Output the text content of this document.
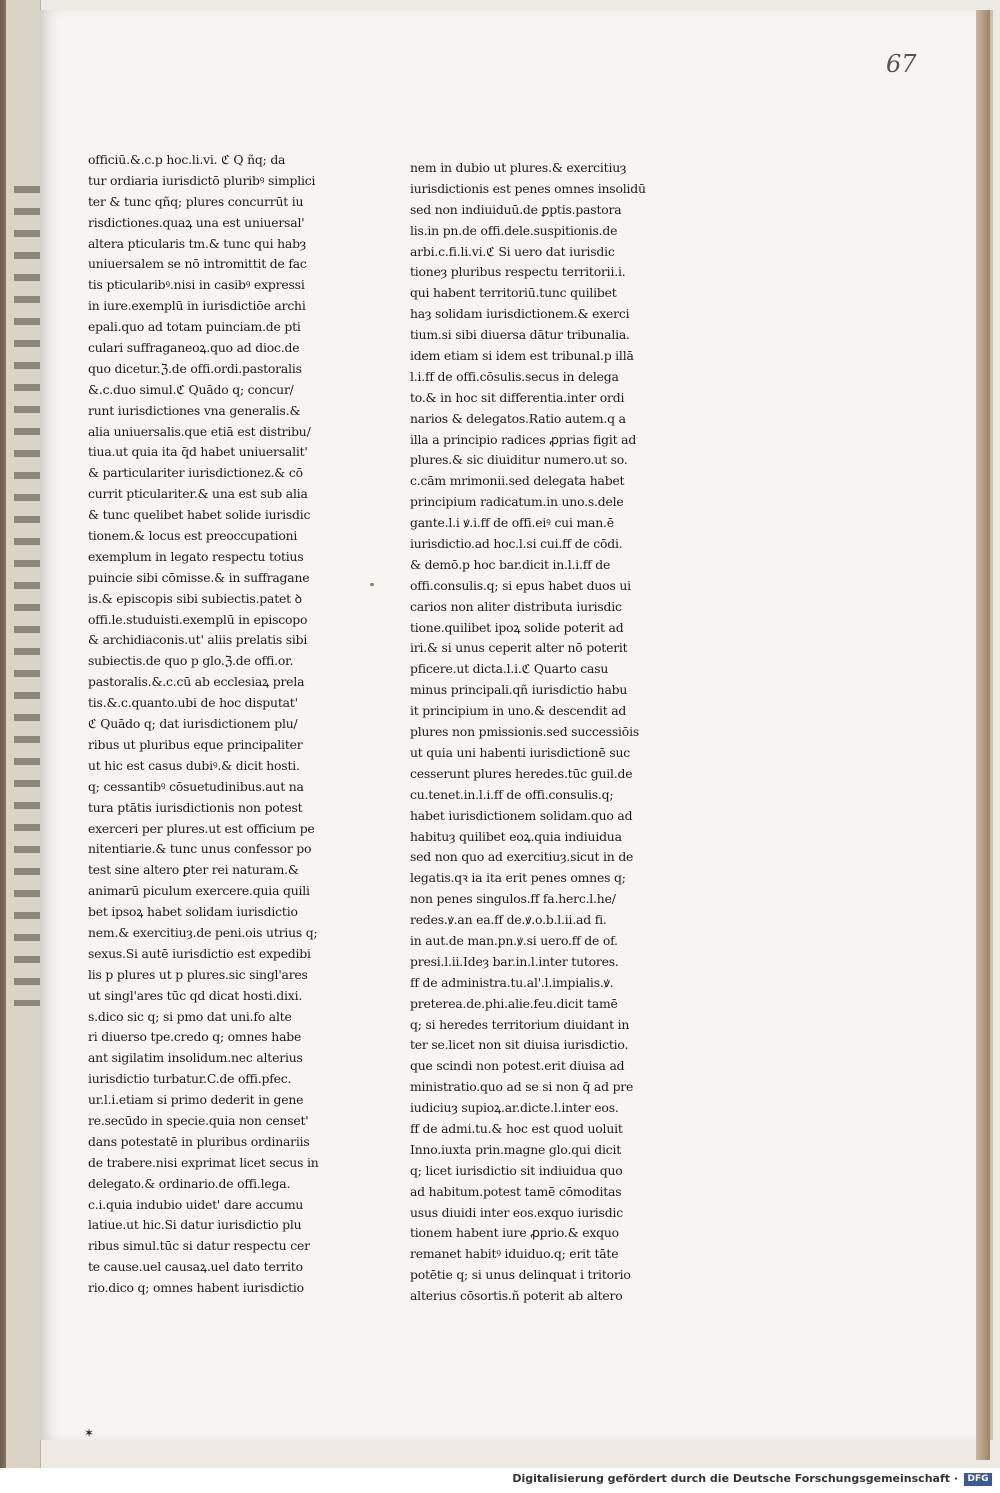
67
officiū.&.c.p hoc.li.vi. ℭ Q ñq; da
tur ordiaria iurisdictō pluribꝰ simplici
ter & tunc qñq; plures concurrūt iu
risdictiones.quaꝝ una est uniuersal'
altera pticularis tm.& tunc qui habȝ
uniuersalem se nō intromittit de fac
tis pticularibꝰ.nisi in casibꝰ expressi
in iure.exemplū in iurisdictiōe archi
epali.quo ad totam puinciam.de pti
culari suffraganeoꝝ.quo ad dioc.de
quo dicetur.ℨ.de offi.ordi.pastoralis
&.c.duo simul.ℭ Quādo q; concur/
runt iurisdictiones vna generalis.&
alia uniuersalis.que etiā est distribu/
tiua.ut quia ita q̄d habet uniuersalit'
& particulariter iurisdictionez.& cō
currit pticulariter.& una est sub alia
& tunc quelibet habet solide iurisdic
tionem.& locus est preoccupationi
exemplum in legato respectu totius
puincie sibi cōmisse.& in suffragane
is.& episcopis sibi subiectis.patet ꝺ
offi.le.studuisti.exemplū in episcopo
& archidiaconis.ut' aliis prelatis sibi
subiectis.de quo p glo.ℨ.de offi.or.
pastoralis.&.c.cū ab ecclesiaꝝ prela
tis.&.c.quanto.ubi de hoc disputat'
ℭ Quādo q; dat iurisdictionem plu/
ribus ut pluribus eque principaliter
ut hic est casus dubiꝰ.& dicit hosti.
q; cessantibꝰ cōsuetudinibus.aut na
tura ptātis iurisdictionis non potest
exerceri per plures.ut est officium pe
nitentiarie.& tunc unus confessor po
test sine altero ꝑter rei naturam.&
animarū piculum exercere.quia quili
bet ipsoꝝ habet solidam iurisdictio
nem.& exercitiuȝ.de peni.ois utrius q;
sexus.Si autē iurisdictio est expedibi
lis p plures ut p plures.sic singl'ares
ut singl'ares tūc qd dicat hosti.dixi.
s.dico sic q; si pmo dat uni.fo alte
ri diuerso tpe.credo q; omnes habe
ant sigilatim insolidum.nec alterius
iurisdictio turbatur.C.de offi.pfec.
ur.l.i.etiam si primo dederit in gene
re.secūdo in specie.quia non censet'
dans potestatē in pluribus ordinariis
de trabere.nisi exprimat licet secus in
delegato.& ordinario.de offi.lega.
c.i.quia indubio uidet' dare accumu
latiue.ut hic.Si datur iurisdictio plu
ribus simul.tūc si datur respectu cer
te cause.uel causaꝝ.uel dato territo
rio.dico q; omnes habent iurisdictio
nem in dubio ut plures.& exercitiuȝ
iurisdictionis est penes omnes insolidū
sed non indiuiduū.de ꝑptis.pastora
lis.in pn.de offi.dele.suspitionis.de
arbi.c.fi.li.vi.ℭ Si uero dat iurisdic
tioneȝ pluribus respectu territorii.i.
qui habent territoriū.tunc quilibet
haȝ solidam iurisdictionem.& exerci
tium.si sibi diuersa dātur tribunalia.
idem etiam si idem est tribunal.p illā
l.i.ff de offi.cōsulis.secus in delega
to.& in hoc sit differentia.inter ordi
narios & delegatos.Ratio autem.q a
illa a principio radices ꝓprias figit ad
plures.& sic diuiditur numero.ut so.
c.cām mrimonii.sed delegata habet
principium radicatum.in uno.s.dele
gante.l.i ꝟ.i.ff de offi.eiꝰ cui man.ē
iurisdictio.ad hoc.l.si cui.ff de cōdi.
& demō.p hoc bar.dicit in.l.i.ff de
offi.consulis.q; si epus habet duos ui
carios non aliter distributa iurisdic
tione.quilibet ipoꝝ solide poterit ad
iri.& si unus ceperit alter nō poterit
pficere.ut dicta.l.i.ℭ Quarto casu
minus principali.qñ iurisdictio habu
it principium in uno.& descendit ad
plures non pmissionis.sed successiōis
ut quia uni habenti iurisdictionē suc
cesserunt plures heredes.tūc guil.de
cu.tenet.in.l.i.ff de offi.consulis.q;
habet iurisdictionem solidam.quo ad
habituȝ quilibet eoꝝ.quia indiuidua
sed non quo ad exercitiuȝ.sicut in de
legatis.qꝛ ia ita erit penes omnes q;
non penes singulos.ff fa.herc.l.he/
redes.ꝟ.an ea.ff de.ꝟ.o.b.l.ii.ad fi.
in aut.de man.pn.ꝟ.si uero.ff de of.
presi.l.ii.Ideȝ bar.in.l.inter tutores.
ff de administra.tu.al'.l.impialis.ꝟ.
preterea.de.phi.alie.feu.dicit tamē
q; si heredes territorium diuidant in
ter se.licet non sit diuisa iurisdictio.
que scindi non potest.erit diuisa ad
ministratio.quo ad se si non q̄ ad pre
iudiciuȝ supioꝝ.ar.dicte.l.inter eos.
ff de admi.tu.& hoc est quod uoluit
Inno.iuxta prin.magne glo.qui dicit
q; licet iurisdictio sit indiuidua quo
ad habitum.potest tamē cōmoditas
usus diuidi inter eos.exquo iurisdic
tionem habent iure ꝓprio.& exquo
remanet habitꝰ iduiduo.q; erit tāte
potētie q; si unus delinquat i tritorio
alterius cōsortis.ñ poterit ab altero
✶
Digitalisierung gefördert durch die Deutsche Forschungsgemeinschaft ·	DFG
